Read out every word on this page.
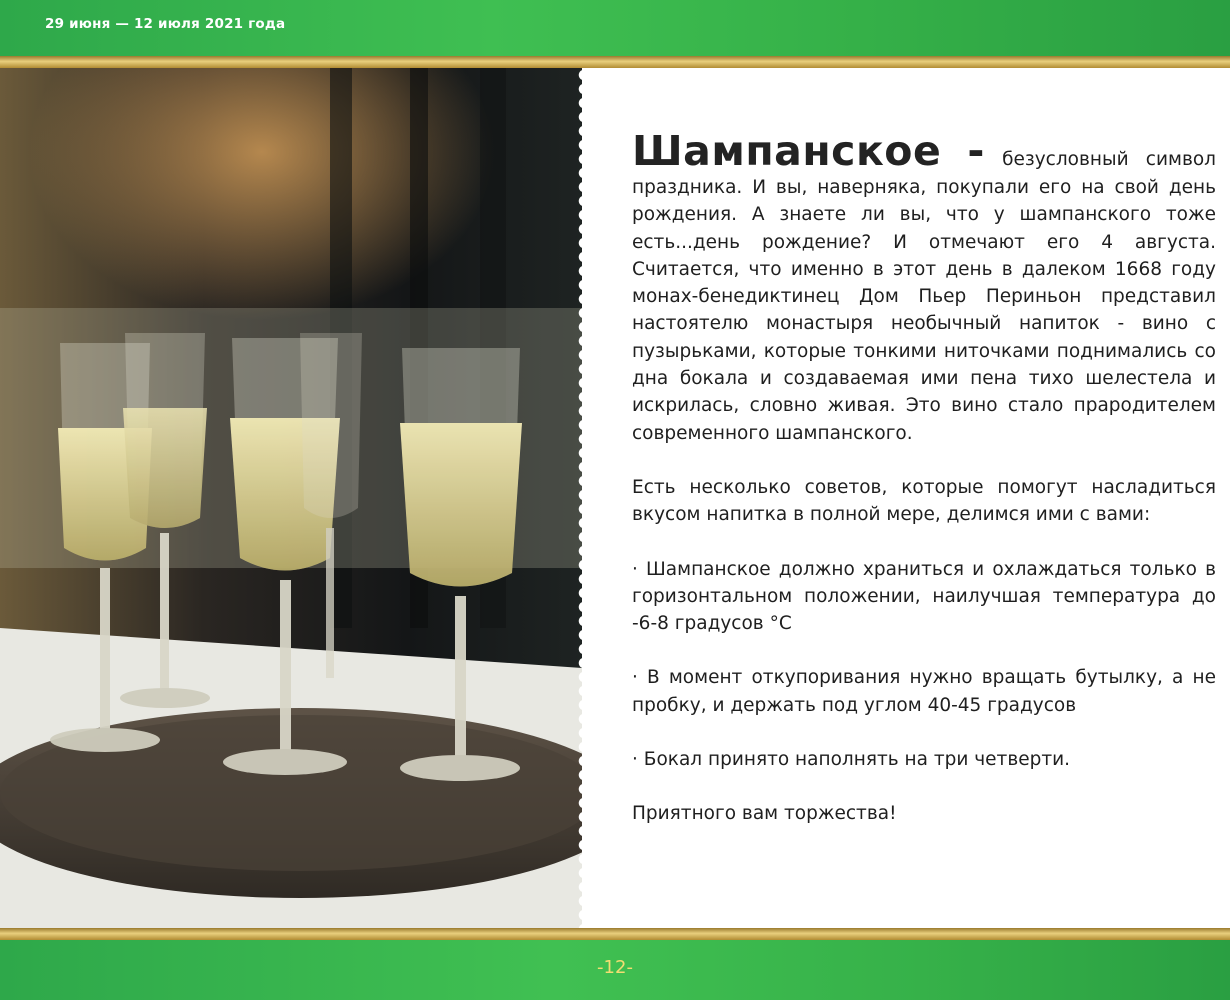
29 июня — 12 июля 2021 года

Шампанское - безусловный символ праздника. И вы, наверняка, покупали его на свой день рождения. А знаете ли вы, что у шампанского тоже есть...день рождение? И отмечают его 4 августа. Считается, что именно в этот день в далеком 1668 году монах-бенедиктинец Дом Пьер Периньон представил настоятелю монастыря необычный напиток - вино с пузырьками, которые тонкими ниточками поднимались со дна бокала и создаваемая ими пена тихо шелестела и искрилась, словно живая. Это вино стало прародителем современного шампанского.

Есть несколько советов, которые помогут насладиться вкусом напитка в полной мере, делимся ими с вами:

· Шампанское должно храниться и охлаждаться только в горизонтальном положении, наилучшая температура до -6-8 градусов °С

· В момент откупоривания нужно вращать бутылку, а не пробку, и держать под углом 40-45 градусов

· Бокал принято наполнять на три четверти.

Приятного вам торжества!

-12-
